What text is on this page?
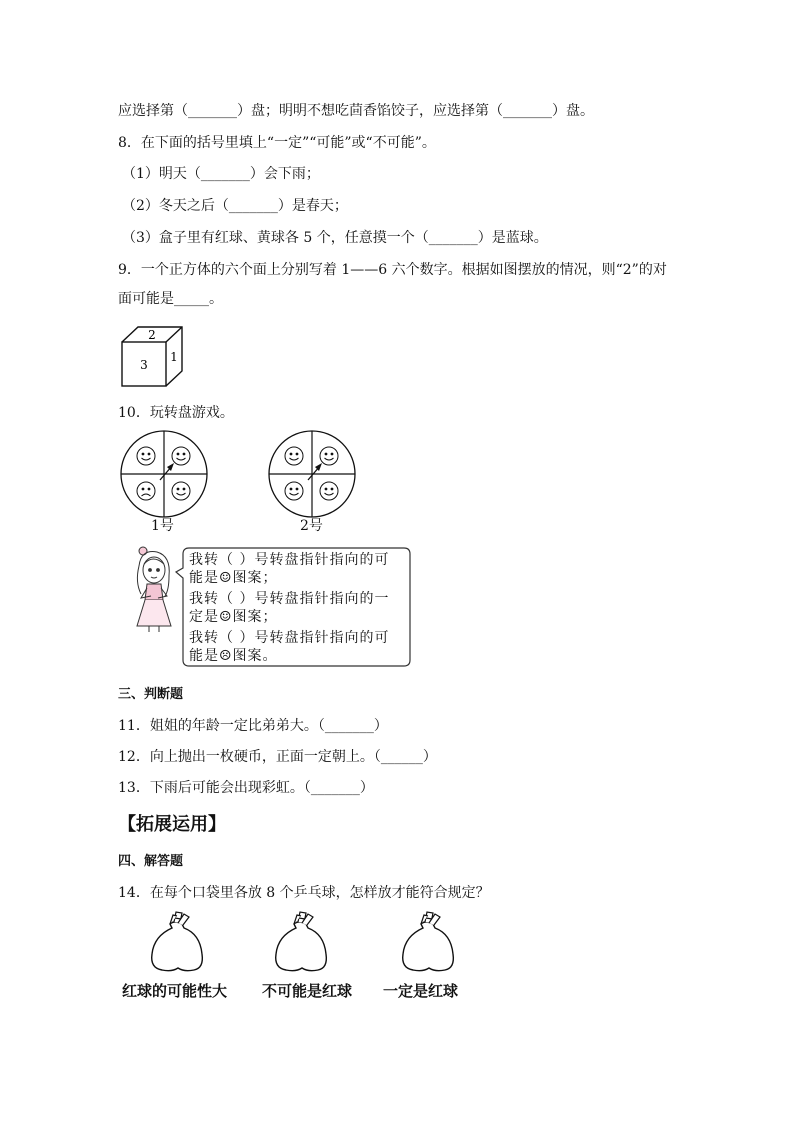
应选择第（_______）盘；明明不想吃茴香馅饺子，应选择第（_______）盘。
8．在下面的括号里填上“一定”“可能”或“不可能”。
（1）明天（_______）会下雨；
（2）冬天之后（_______）是春天；
（3）盒子里有红球、黄球各 5 个，任意摸一个（_______）是蓝球。
9．一个正方体的六个面上分别写着 1——6 六个数字。根据如图摆放的情况，则“2”的对
面可能是_____。
2
3
1
10．玩转盘游戏。
1号	2号
我转（ ）号转盘指针指向的可
能是☺图案；
我转（ ）号转盘指针指向的一
定是☺图案；
我转（ ）号转盘指针指向的可
能是☹图案。
三、判断题
11．姐姐的年龄一定比弟弟大。（_______）
12．向上抛出一枚硬币，正面一定朝上。（______）
13．下雨后可能会出现彩虹。（_______）
【拓展运用】
四、解答题
14．在每个口袋里各放 8 个乒乓球，怎样放才能符合规定？
红球的可能性大 不可能是红球 一定是红球
